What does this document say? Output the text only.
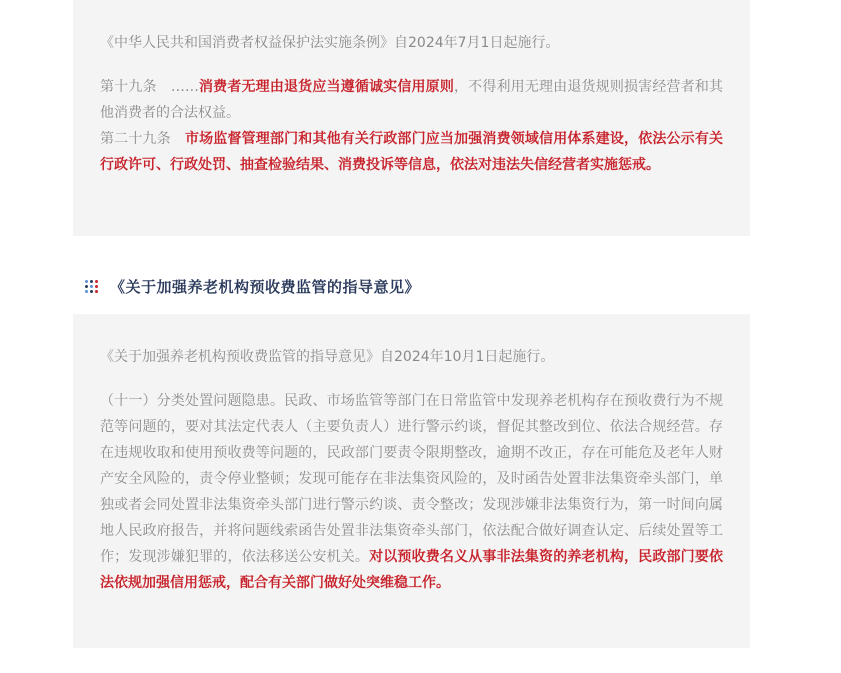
《中华人民共和国消费者权益保护法实施条例》自2024年7月1日起施行。

第十九条　……消费者无理由退货应当遵循诚实信用原则，不得利用无理由退货规则损害经营者和其他消费者的合法权益。

第二十九条　市场监督管理部门和其他有关行政部门应当加强消费领域信用体系建设，依法公示有关行政许可、行政处罚、抽查检验结果、消费投诉等信息，依法对违法失信经营者实施惩戒。

《关于加强养老机构预收费监管的指导意见》

《关于加强养老机构预收费监管的指导意见》自2024年10月1日起施行。

（十一）分类处置问题隐患。民政、市场监管等部门在日常监管中发现养老机构存在预收费行为不规范等问题的，要对其法定代表人（主要负责人）进行警示约谈，督促其整改到位、依法合规经营。存在违规收取和使用预收费等问题的，民政部门要责令限期整改，逾期不改正，存在可能危及老年人财产安全风险的，责令停业整顿；发现可能存在非法集资风险的，及时函告处置非法集资牵头部门，单独或者会同处置非法集资牵头部门进行警示约谈、责令整改；发现涉嫌非法集资行为，第一时间向属地人民政府报告，并将问题线索函告处置非法集资牵头部门，依法配合做好调查认定、后续处置等工作；发现涉嫌犯罪的，依法移送公安机关。对以预收费名义从事非法集资的养老机构，民政部门要依法依规加强信用惩戒，配合有关部门做好处突维稳工作。
